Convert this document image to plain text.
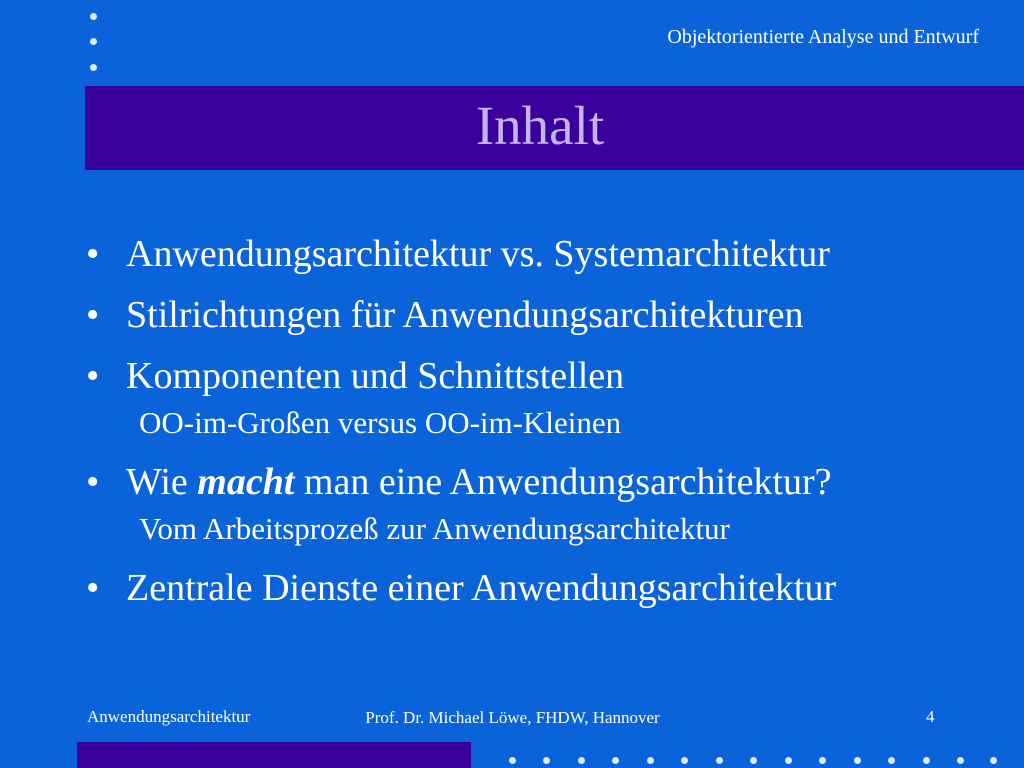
Objektorientierte Analyse und Entwurf
Inhalt
• Anwendungsarchitektur vs. Systemarchitektur
• Stilrichtungen für Anwendungsarchitekturen
• Komponenten und Schnittstellen
OO-im-Großen versus OO-im-Kleinen
• Wie macht man eine Anwendungsarchitektur?
Vom Arbeitsprozeß zur Anwendungsarchitektur
• Zentrale Dienste einer Anwendungsarchitektur
Anwendungsarchitektur	Prof. Dr. Michael Löwe, FHDW, Hannover	4
